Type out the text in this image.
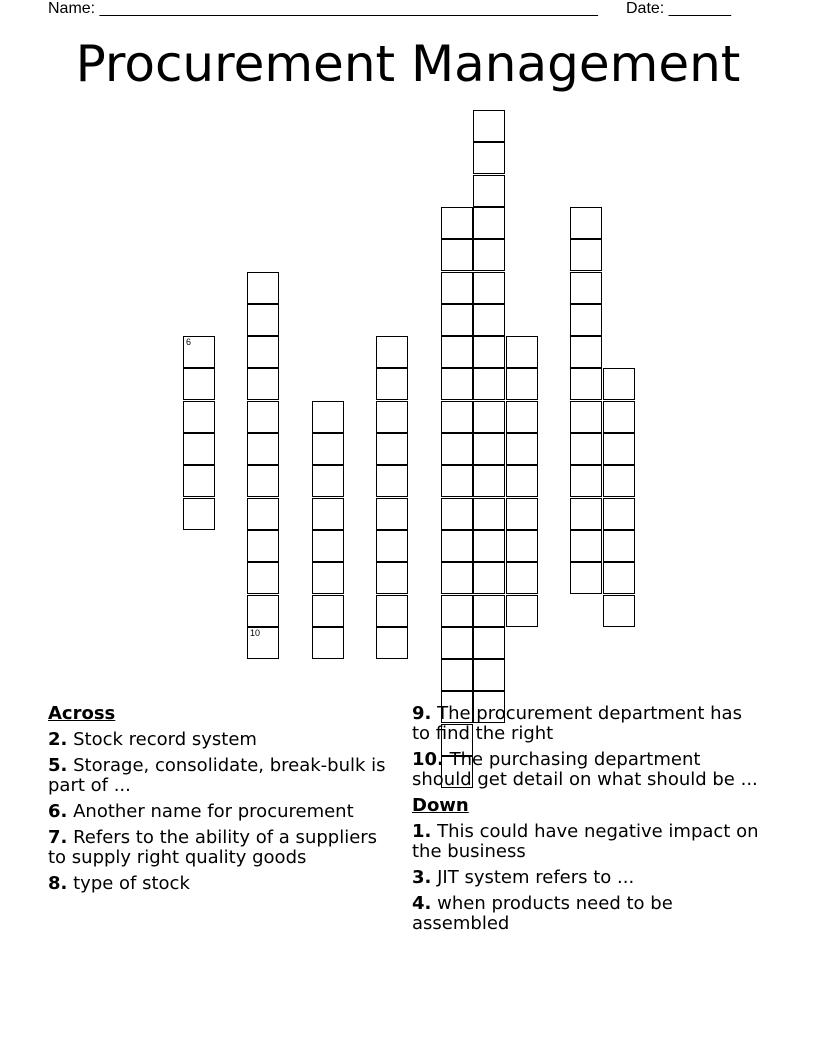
Name: ________________________________________________________ Date: _______
Procurement Management
10
6
Across
2. Stock record system
5. Storage, consolidate, break-bulk is part of ...
6. Another name for procurement
7. Refers to the ability of a suppliers to supply right quality goods
8. type of stock
9. The procurement department has to find the right
10. The purchasing department should get detail on what should be ...
Down
1. This could have negative impact on the business
3. JIT system refers to ...
4. when products need to be assembled
